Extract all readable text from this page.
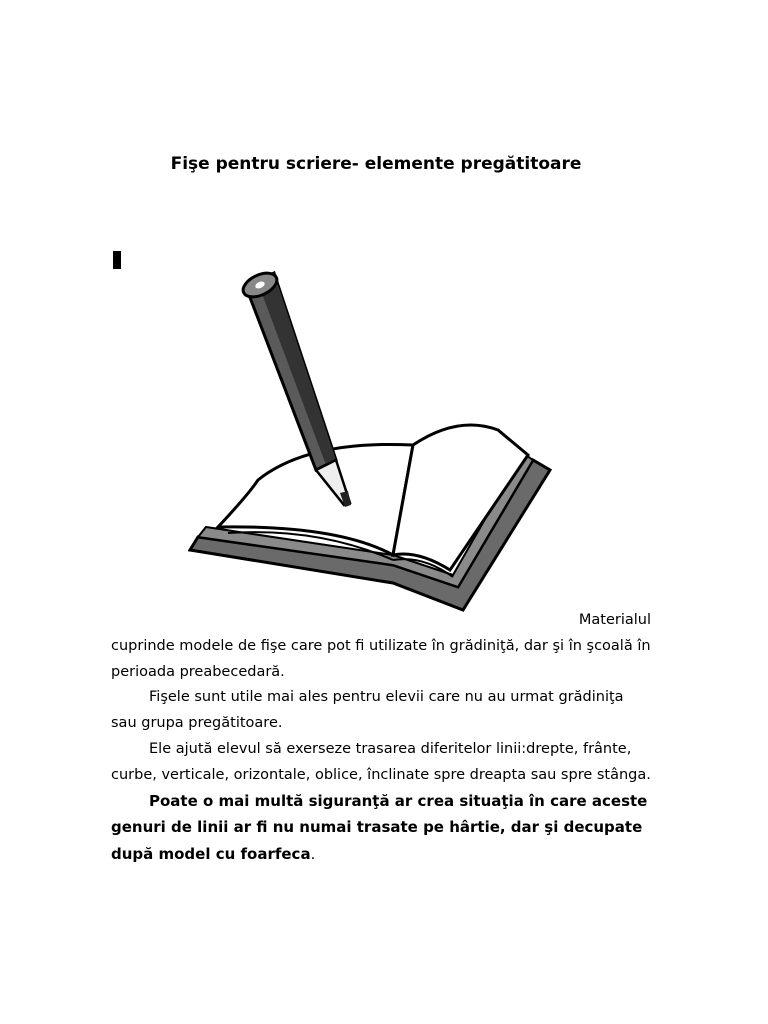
Fişe pentru scriere- elemente pregătitoare

Materialul

cuprinde modele de fişe care pot fi utilizate în grădiniţă, dar şi în şcoală în perioada preabecedară.

Fişele sunt utile mai ales pentru elevii care nu au urmat grădiniţa sau grupa pregătitoare.

Ele ajută elevul să exerseze trasarea diferitelor linii:drepte, frânte, curbe, verticale, orizontale, oblice, înclinate spre dreapta sau spre stânga.

Poate o mai multă siguranţă ar crea situaţia în care aceste genuri de linii ar fi nu numai trasate pe hârtie, dar şi decupate după model cu foarfeca.
